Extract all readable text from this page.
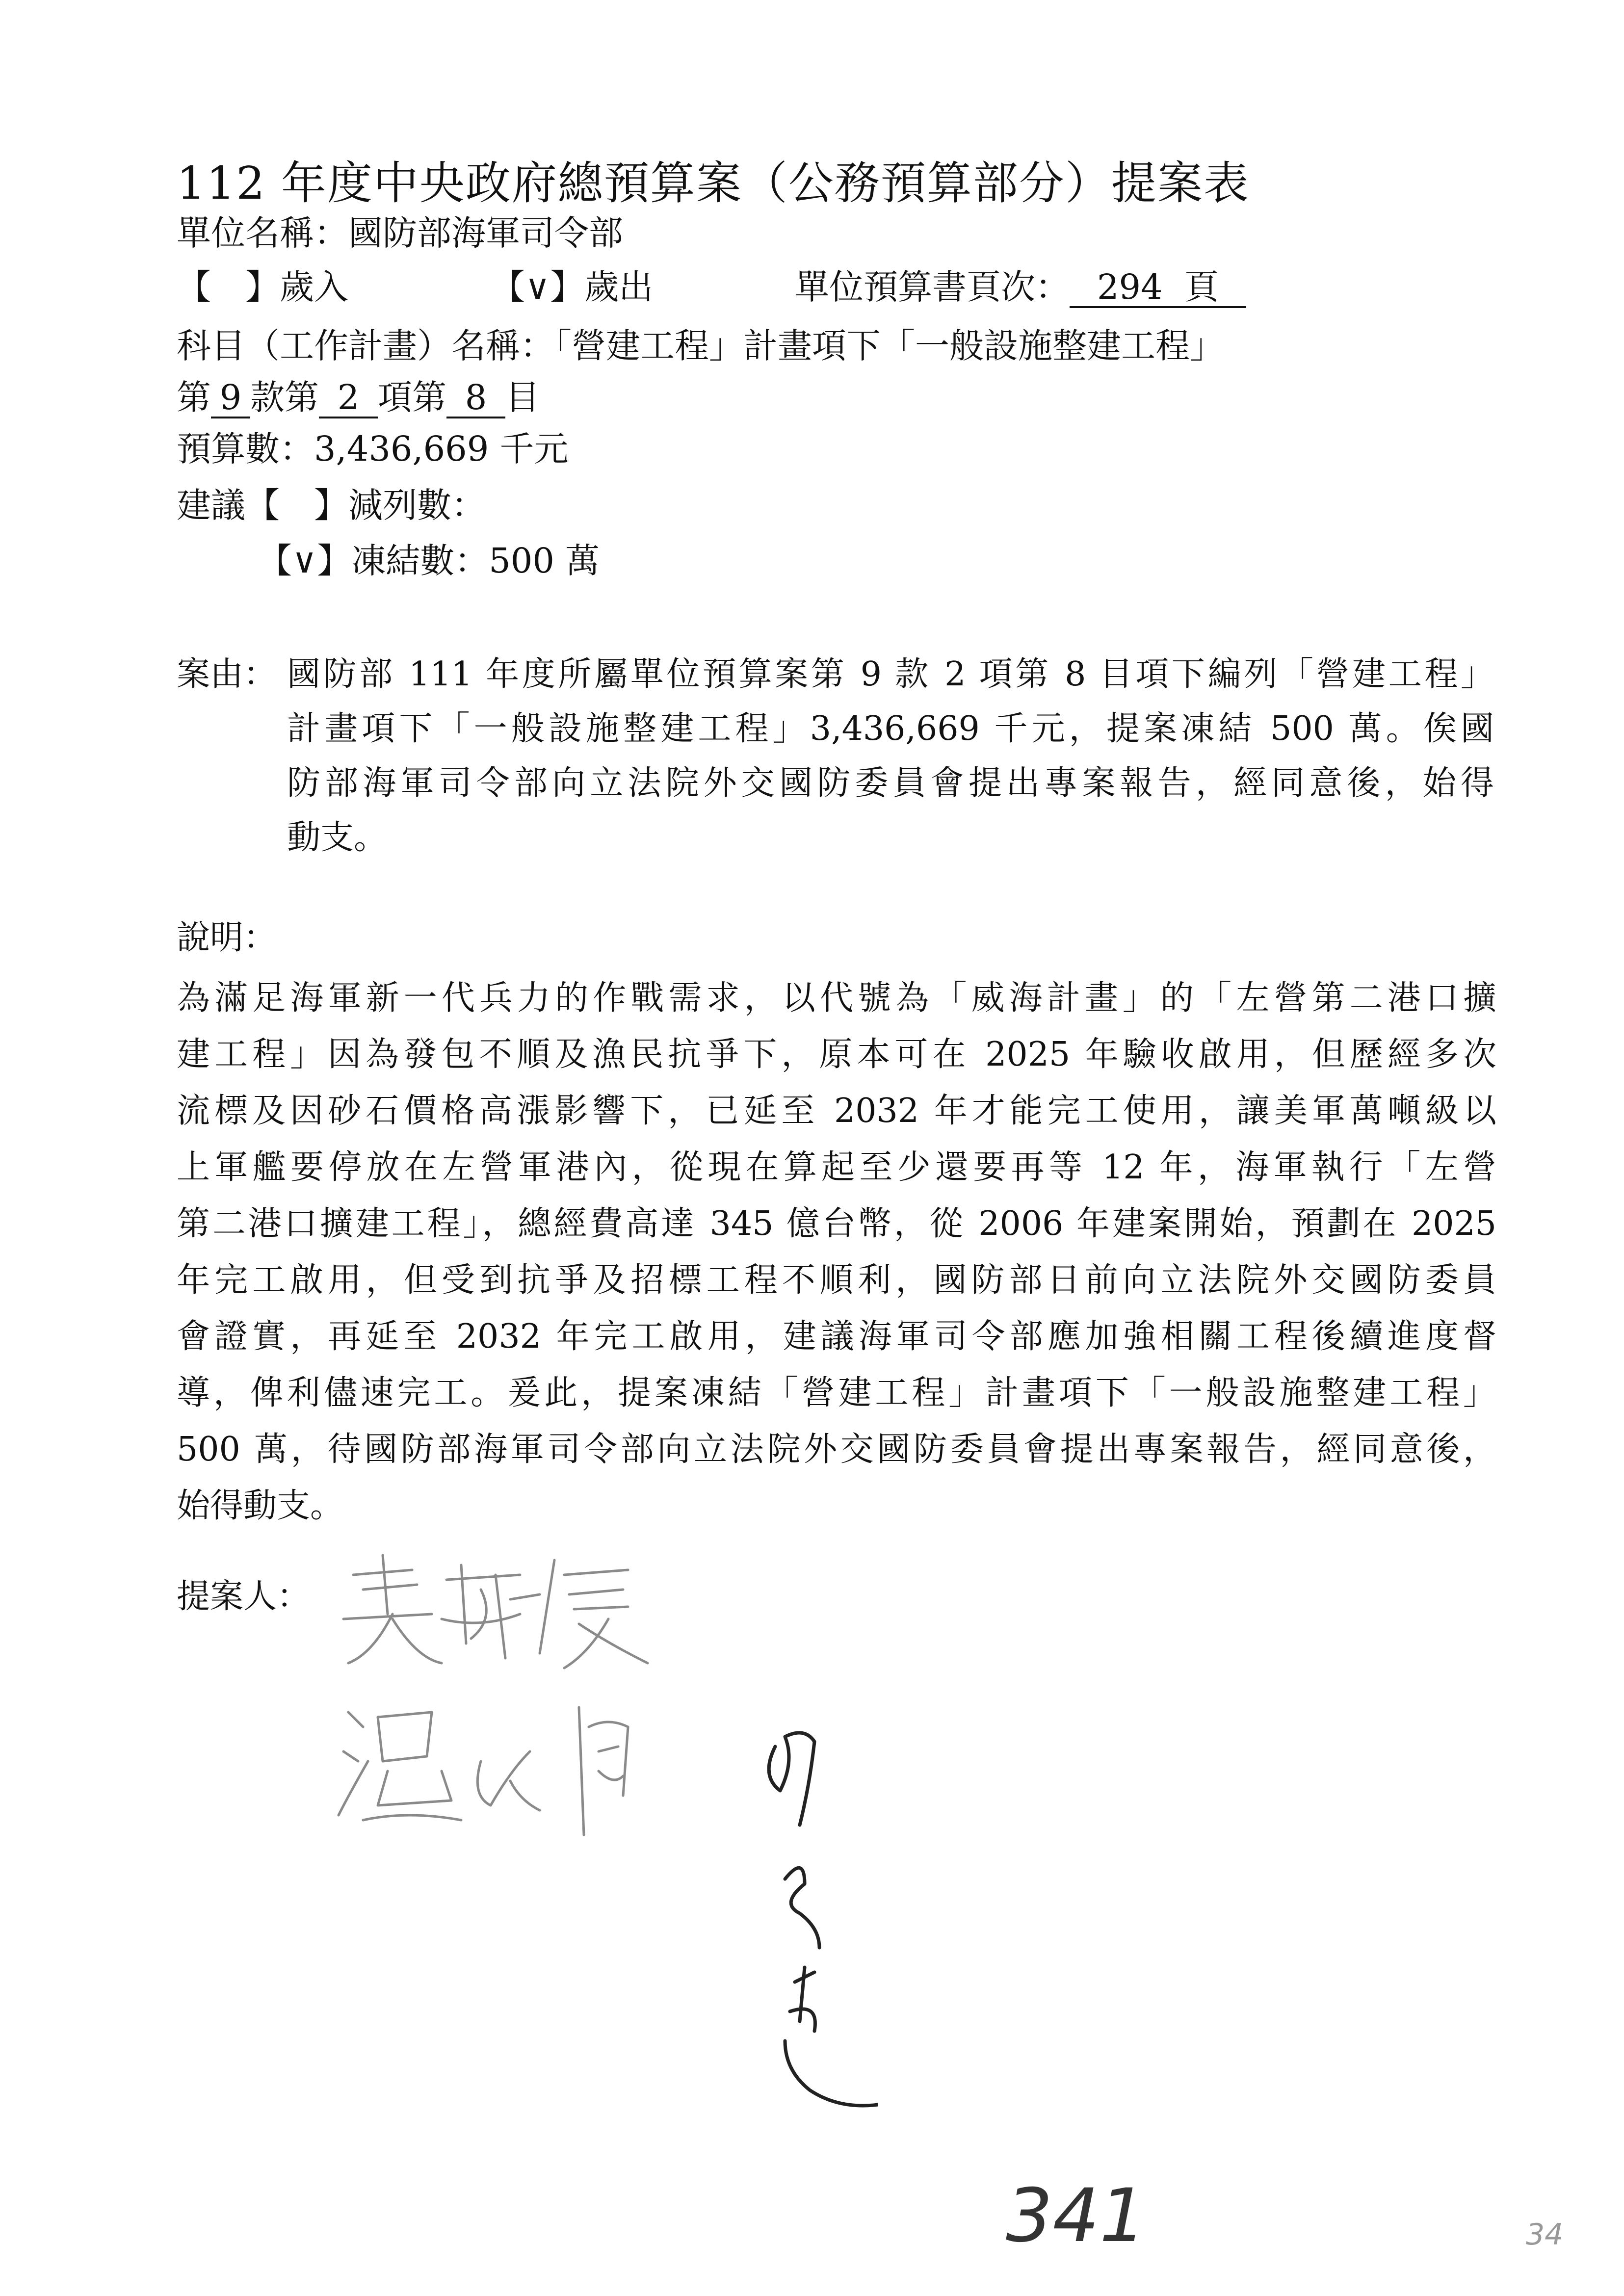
112 年度中央政府總預算案（公務預算部分）提案表
單位名稱：國防部海軍司令部
【　】歲入	【∨】歲出	單位預算書頁次： 294 頁
科目（工作計畫）名稱：「營建工程」計畫項下「一般設施整建工程」
第 9 款第 2 項第 8 目
預算數：3,436,669 千元
建議【　】減列數：
【∨】凍結數：500 萬
案由： 國防部 111 年度所屬單位預算案第 9 款 2 項第 8 目項下編列「營建工程」
計畫項下「一般設施整建工程」3,436,669 千元，提案凍結 500 萬。俟國
防部海軍司令部向立法院外交國防委員會提出專案報告，經同意後，始得
動支。
說明：
為滿足海軍新一代兵力的作戰需求，以代號為「威海計畫」的「左營第二港口擴
建工程」因為發包不順及漁民抗爭下，原本可在 2025 年驗收啟用，但歷經多次
流標及因砂石價格高漲影響下，已延至 2032 年才能完工使用，讓美軍萬噸級以
上軍艦要停放在左營軍港內，從現在算起至少還要再等 12 年，海軍執行「左營
第二港口擴建工程」，總經費高達 345 億台幣，從 2006 年建案開始，預劃在 2025
年完工啟用，但受到抗爭及招標工程不順利，國防部日前向立法院外交國防委員
會證實，再延至 2032 年完工啟用，建議海軍司令部應加強相關工程後續進度督
導，俾利儘速完工。爰此，提案凍結「營建工程」計畫項下「一般設施整建工程」
500 萬，待國防部海軍司令部向立法院外交國防委員會提出專案報告，經同意後，
始得動支。
提案人：
341	34
